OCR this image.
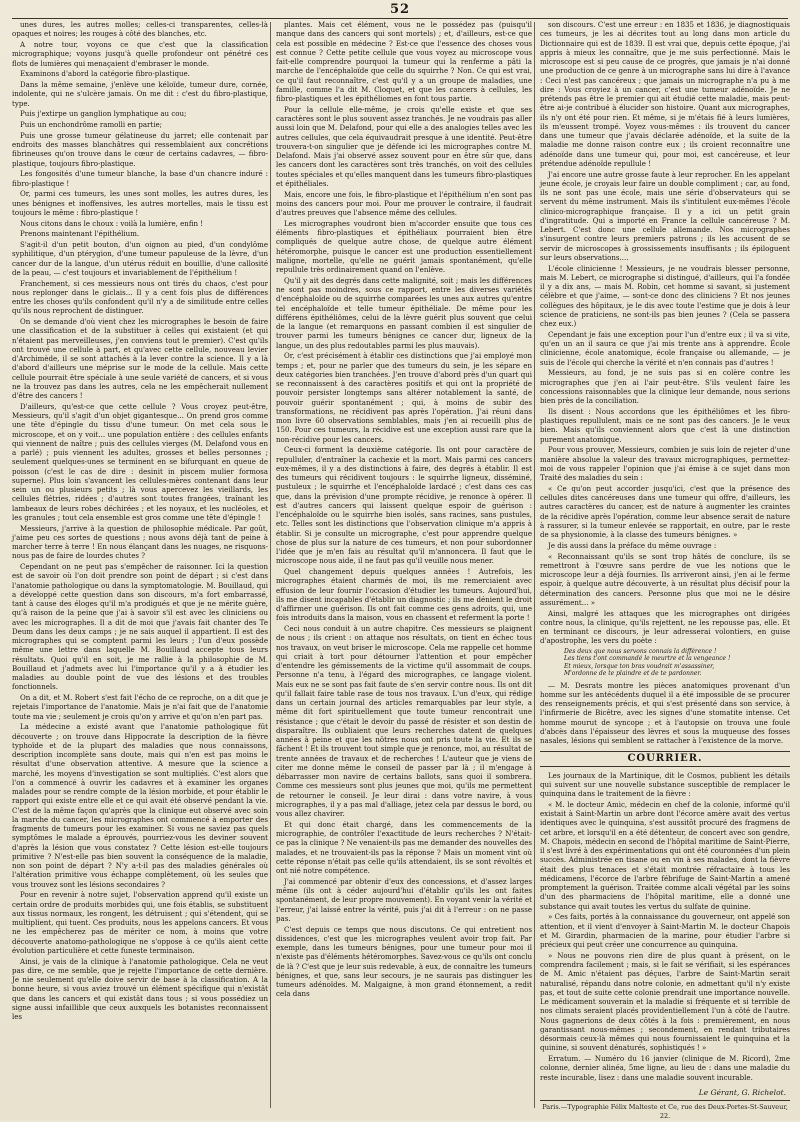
52

unes dures, les autres molles; celles-ci transparentes, celles-là opaques et noires; les rouges à côté des blanches, etc.

A notre tour, voyons ce que c'est que la classification micrographique; voyons jusqu'à quelle profondeur ont pénétré ces flots de lumières qui menaçaient d'embraser le monde.

Examinons d'abord la catégorie fibro-plastique.

Dans la même semaine, j'enlève une kéloïde, tumeur dure, cornée, indolente, qui ne s'ulcère jamais. On me dit : c'est du fibro-plastique, type.

Puis j'extirpe un ganglion lymphatique au cou;

Puis un enchondrôme ramolli en partie;

Puis une grosse tumeur gélatineuse du jarret; elle contenait par endroits des masses blanchâtres qui ressemblaient aux concrétions fibrineuses qu'on trouve dans le cœur de certains cadavres, — fibro-plastique, toujours fibro-plastique.

Les fongosités d'une tumeur blanche, la base d'un chancre induré : fibro-plastique !

Or, parmi ces tumeurs, les unes sont molles, les autres dures, les unes bénignes et inoffensives, les autres mortelles, mais le tissu est toujours le même : fibro-plastique !

Nous citons dans le choux : voilà la lumière, enfin !

Prenons maintenant l'épithélium.

S'agit-il d'un petit bouton, d'un oignon au pied, d'un condylôme syphilitique, d'un ptérygion, d'une tumeur papuleuse de la lèvre, d'un cancer dur de la langue, d'un utérus réduit en bouillie, d'une callosité de la peau, — c'est toujours et invariablement de l'épithélium !

Franchement, si ces messieurs nous ont tirés du chaos, c'est pour nous replonger dans le giclais... Il y a cent fois plus de différences entre les choses qu'ils confondent qu'il n'y a de similitude entre celles qu'ils nous reprochent de distinguer.

On se demande d'où vient chez les micrographes le besoin de faire une classification et de la substituer à celles qui existaient (et qui n'étaient pas merveilleuses, j'en conviens tout le premier). C'est qu'ils ont trouvé une cellule à part, et qu'avec cette cellule, nouveau levier d'Archimède, il se sont attachés à la lever contre la science. Il y a là d'abord d'ailleurs une méprise sur le mode de la cellule. Mais cette cellule pourrait être spéciale à une seule variété de cancers, et si vous ne la trouvez pas dans les autres, cela ne les empêcherait nullement d'être des cancers !

D'ailleurs, qu'est-ce que cette cellule ? Vous croyez peut-être, Messieurs, qu'il s'agit d'un objet gigantesque... On prend gros comme une tête d'épingle du tissu d'une tumeur. On met cela sous le microscope, et on y voit... une population entière : des cellules enfants qui viennent de naître ; puis des cellules vierges (M. Delafond vous en a parlé) ; puis viennent les adultes, grosses et belles personnes ; seulement quelques-unes se terminent en se bifurquant en queue de poisson (c'est le cas de dire : desinit in piscem mulier formosa superne). Plus loin s'avancent les cellules-mères contenant dans leur sein un ou plusieurs petits ; là vous apercevez les vieillards, les cellules flétries, ridées ; d'autres sont toutes frangées, traînant les lambeaux de leurs robes déchirées ; et les noyaux, et les nucléoles, et les granules ; tout cela ensemble est gros comme une tête d'épingle !

Messieurs, j'arrive à la question de philosophie médicale. Par goût, j'aime peu ces sortes de questions ; nous avons déjà tant de peine à marcher terre à terre ! En nous élançant dans les nuages, ne risquons-nous pas de faire de lourdes chutes ?

Cependant on ne peut pas s'empêcher de raisonner. Ici la question est de savoir où l'on doit prendre son point de départ ; si c'est dans l'anatomie pathologique ou dans la symptomatologie. M. Bouillaud, qui a développé cette question dans son discours, m'a fort embarrassé, tant à cause des éloges qu'il m'a prodigués et que je ne mérite guère, qu'à raison de la peine que j'ai à savoir s'il est avec les cliniciens ou avec les micrographes. Il a dit de moi que j'avais fait chanter des Te Deum dans les deux camps ; je ne sais auquel il appartient. Il est des micrographes qui se comptent parmi les leurs ; l'un d'eux possède même une lettre dans laquelle M. Bouillaud accepte tous leurs résultats. Quoi qu'il en soit, je me rallie à la philosophie de M. Bouillaud et j'admets avec lui l'importance qu'il y a à étudier les maladies au double point de vue des lésions et des troubles fonctionnels.

On a dit, et M. Robert s'est fait l'écho de ce reproche, on a dit que je rejetais l'importance de l'anatomie. Mais je n'ai fait que de l'anatomie toute ma vie ; seulement je crois qu'on y arrive et qu'on n'en part pas.

La médecine a existé avant que l'anatomie pathologique fût découverte ; on trouve dans Hippocrate la description de la fièvre typhoïde et de la plupart des maladies que nous connaissons, description incomplète sans doute, mais qui n'en est pas moins le résultat d'une observation attentive. A mesure que la science a marché, les moyens d'investigation se sont multipliés. C'est alors que l'on a commencé à ouvrir les cadavres et à examiner les organes malades pour se rendre compte de la lésion morbide, et pour établir le rapport qui existe entre elle et ce qui avait été observé pendant la vie. C'est de la même façon qu'après que la clinique eut observé avec soin la marche du cancer, les micrographes ont commencé à emporter des fragments de tumeurs pour les examiner. Si vous ne saviez pas quels symptômes le malade a éprouvés, pourriez-vous les deviner souvent d'après la lésion que vous constatez ? Cette lésion est-elle toujours primitive ? N'est-elle pas bien souvent la conséquence de la maladie, non son point de départ ? N'y a-t-il pas des maladies générales où l'altération primitive vous échappe complètement, où les seules que vous trouvez sont les lésions secondaires ?

Pour en revenir à notre sujet, l'observation apprend qu'il existe un certain ordre de produits morbides qui, une fois établis, se substituent aux tissus normaux, les rongent, les détruisent ; qui s'étendent, qui se multiplient, qui tuent. Ces produits, nous les appelons cancers. Et vous ne les empêcherez pas de mériter ce nom, à moins que votre découverte anatomo-pathologique ne s'oppose à ce qu'ils aient cette évolution particulière et cette funeste terminaison.

Ainsi, je vais de la clinique à l'anatomie pathologique. Cela ne veut pas dire, ce me semble, que je rejette l'importance de cette dernière. Je nie seulement qu'elle doive servir de base à la classification. A la bonne heure, si vous aviez trouvé un élément spécifique qui n'existât que dans les cancers et qui existât dans tous ; si vous possédiez un signe aussi infaillible que ceux auxquels les botanistes reconnaissent les

plantes. Mais cet élément, vous ne le possédez pas (puisqu'il manque dans des cancers qui sont mortels) ; et, d'ailleurs, est-ce que cela est possible en médecine ? Est-ce que l'essence des choses vous est connue ? Cette petite cellule que vous voyez au microscope vous fait-elle comprendre pourquoi la tumeur qui la renferme a pâti la marche de l'encéphaloïde que celle du squirrhe ? Non. Ce qui est vrai, ce qu'il faut reconnaître, c'est qu'il y a un groupe de maladies, une famille, comme l'a dit M. Cloquet, et que les cancers à cellules, les fibro-plastiques et les épithéliomes en font tous partie.

Pour la cellule elle-même, je crois qu'elle existe et que ses caractères sont le plus souvent assez tranchés. Je ne voudrais pas aller aussi loin que M. Delafond, pour qui elle a des analogies telles avec les autres cellules, que cela équivaudrait presque à une identité. Peut-être trouvera-t-on singulier que je défende ici les micrographes contre M. Delafond. Mais j'ai observé assez souvent pour en être sûr que, dans les cancers dont les caractères sont très tranchés, on voit des cellules toutes spéciales et qu'elles manquent dans les tumeurs fibro-plastiques et épithéliales.

Mais, encore une fois, le fibro-plastique et l'épithélium n'en sont pas moins des cancers pour moi. Pour me prouver le contraire, il faudrait d'autres preuves que l'absence même des cellules.

Les micrographes voudront bien m'accorder ensuite que tous ces éléments fibro-plastiques et épithéliaux pourraient bien être compliqués de quelque autre chose, de quelque autre élément hétéromorphe, puisque le cancer est une production essentiellement maligne, mortelle, qu'elle ne guérit jamais spontanément, qu'elle repullule très ordinairement quand on l'enlève.

Qu'il y ait des degrés dans cette malignité, soit ; mais les différences ne sont pas moindres, sous ce rapport, entre les diverses variétés d'encéphaloïde ou de squirrhe comparées les unes aux autres qu'entre tel encéphaloïde et telle tumeur épithéliale. De même pour les différens épithéliômes, celui de la lèvre guérit plus souvent que celui de la langue (et remarquons en passant combien il est singulier de trouver parmi les tumeurs bénignes ce cancer dur, ligneux de la langue, un des plus redoutables parmi les plus mauvais).

Or, c'est précisément à établir ces distinctions que j'ai employé mon temps ; et, pour ne parler que des tumeurs du sein, je les sépare en deux catégories bien tranchées. J'en trouve d'abord près d'un quart qui se reconnaissent à des caractères positifs et qui ont la propriété de pouvoir persister longtemps sans altérer notablement la santé, de pouvoir guérir spontanément ; qui, à moins de subir des transformations, ne récidivent pas après l'opération. J'ai réuni dans mon livre 60 observations semblables, mais j'en ai recueilli plus de 150. Pour ces tumeurs, la récidive est une exception aussi rare que la non-récidive pour les cancers.

Ceux-ci forment la deuxième catégorie. Ils ont pour caractère de repulluler, d'entraîner la cachexie et la mort. Mais parmi ces cancers eux-mêmes, il y a des distinctions à faire, des degrés à établir. Il est des tumeurs qui récidivent toujours : le squirrhe ligneux, disséminé, pustuleux ; le squirrhe et l'encéphaloïde lardacé ; c'est dans ces cas que, dans la prévision d'une prompte récidive, je renonce à opérer. Il est d'autres cancers qui laissent quelque espoir de guérison : l'encéphaloïde ou le squirrhe bien isolés, sans racines, sans pustules, etc. Telles sont les distinctions que l'observation clinique m'a appris à établir. Si je consulte un micrographe, c'est pour apprendre quelque chose de plus sur la nature de ces tumeurs, et non pour subordonner l'idée que je m'en fais au résultat qu'il m'annoncera. Il faut que le microscope nous aide, il ne faut pas qu'il veuille nous mener.

Quel changement depuis quelques années ! Autrefois, les micrographes étaient charmés de moi, ils me remerciaient avec effusion de leur fournir l'occasion d'étudier les tumeurs. Aujourd'hui, ils me disent incapables d'établir un diagnostic ; ils me dénient le droit d'affirmer une guérison. Ils ont fait comme ces gens adroits, qui, une fois introduits dans la maison, vous en chassent et referment la porte !

Ceci nous conduit à un autre chapitre. Ces messieurs se plaignent de nous ; ils crient : on attaque nos résultats, on tient en échec tous nos travaux, on veut briser le microscope. Cela me rappelle cet homme qui criait à tort pour détourner l'attention et pour empêcher d'entendre les gémissements de la victime qu'il assommait de coups. Personne n'a tenu, à l'égard des micrographes, ce langage violent. Mais eux ne se sont pas fait faute de s'en servir contre nous. Ils ont dit qu'il fallait faire table rase de tous nos travaux. L'un d'eux, qui rédige dans un certain journal des articles remarquables par leur style, a même dit fort spirituellement que toute tumeur rencontrait une résistance ; que c'était le devoir du passé de résister et son destin de disparaître. Ils oubliaient que leurs recherches datent de quelques années à peine et que les nôtres nous ont pris toute la vie. Et ils se fâchent ! Et ils trouvent tout simple que je renonce, moi, au résultat de trente années de travaux et de recherches ! L'auteur que je viens de citer me donne même le conseil de passer par là ; il m'engage à débarrasser mon navire de certains ballots, sans quoi il sombrera. Comme ces messieurs sont plus jeunes que moi, qu'ils me permettent de retourner le conseil. Je leur dirai : dans votre navire, à vous micrographes, il y a pas mal d'alliage, jetez cela par dessus le bord, ou vous allez chavirer.

Et qui donc était chargé, dans les commencements de la micrographie, de contrôler l'exactitude de leurs recherches ? N'était-ce pas la clinique ? Ne venaient-ils pas me demander des nouvelles des malades, et ne trouvaient-ils pas la réponse ? Mais un moment vint où cette réponse n'était pas celle qu'ils attendaient, ils se sont révoltés et ont nié notre compétence.

J'ai commencé par obtenir d'eux des concessions, et d'assez larges même (ils ont à céder aujourd'hui d'établir qu'ils les ont faites spontanément, de leur propre mouvement). En voyant venir la vérité et l'erreur, j'ai laissé entrer la vérité, puis j'ai dit à l'erreur : on ne passe pas.

C'est depuis ce temps que nous discutons. Ce qui entretient nos dissidences, c'est que les micrographes veulent avoir trop fait. Par exemple, dans les tumeurs bénignes, pour une tumeur pour moi il n'existe pas d'éléments hétéromorphes. Savez-vous ce qu'ils ont conclu de là ? C'est que je leur suis redevable, à eux, de connaître les tumeurs bénignes, et que, sans leur secours, je ne saurais pas distinguer les tumeurs adénoïdes. M. Malgaigne, à mon grand étonnement, a redit cela dans

son discours. C'est une erreur : en 1835 et 1836, je diagnostiquais ces tumeurs, je les ai décrites tout au long dans mon article du Dictionnaire qui est de 1839. Il est vrai que, depuis cette époque, j'ai appris à mieux les connaître, que je me suis perfectionné. Mais le microscope est si peu cause de ce progrès, que jamais je n'ai donné une production de ce genre à un micrographe sans lui dire à l'avance : Ceci n'est pas cancéreux ; que jamais un micrographe n'a pu à me dire : Vous croyiez à un cancer, c'est une tumeur adénoïde. Je ne prétends pas être le premier qui ait étudié cette maladie, mais peut-être ai-je contribué à élucider son histoire. Quant aux micrographes, ils n'y ont été pour rien. Et même, si je m'étais fié à leurs lumières, ils m'eussent trompé. Voyez vous-mêmes : ils trouvent du cancer dans une tumeur que j'avais déclarée adénoïde, et la suite de la maladie me donne raison contre eux ; ils croient reconnaître une adénoïde dans une tumeur qui, pour moi, est cancéreuse, et leur prétendue adénoïde repullule !

J'ai encore une autre grosse faute à leur reprocher. En les appelant jeune école, je croyais leur faire un double compliment ; car, au fond, ils ne sont pas une école, mais une série d'observateurs qui se servent du même instrument. Mais ils s'intitulent eux-mêmes l'école clinico-micrographique française. Il y a ici un petit grain d'ingratitude. Qui a importé en France la cellule cancéreuse ? M. Lebert. C'est donc une cellule allemande. Nos micrographes s'insurgent contre leurs premiers patrons ; ils les accusent de se servir de microscopes à grossissements insuffisants ; ils épiloguent sur leurs observations....

L'école clinicienne ! Messieurs, je ne voudrais blesser personne, mais M. Lebert, ce micrographe si distingué, d'ailleurs, qui l'a fondée il y a dix ans, — mais M. Robin, cet homme si savant, si justement célèbre et que j'aime, — sont-ce donc des cliniciens ? Et nos jeunes collègues des hôpitaux, je le dis avec toute l'estime que je dois à leur science de praticiens, ne sont-ils pas bien jeunes ? (Cela se passera chez eux.)

Cependant je fais une exception pour l'un d'entre eux ; il va si vite, qu'en un an il saura ce que j'ai mis trente ans à apprendre. École clinicienne, école anatomique, école française ou allemande, — je suis de l'école qui cherche la vérité et n'en connais pas d'autres !

Messieurs, au fond, je ne suis pas si en colère contre les micrographes que j'en ai l'air peut-être. S'ils veulent faire les concessions raisonnables que la clinique leur demande, nous serions bien près de la conciliation.

Ils disent : Nous accordons que les épithéliômes et les fibro-plastiques repullulent, mais ce ne sont pas des cancers. Je le veux bien. Mais qu'ils conviennent alors que c'est là une distinction purement anatomique.

Pour vous prouver, Messieurs, combien je suis loin de rejeter d'une manière absolue la valeur des travaux micrographiques, permettez-moi de vous rappeler l'opinion que j'ai émise à ce sujet dans mon Traité des maladies du sein :

« Ce qu'on peut accorder jusqu'ici, c'est que la présence des cellules dites cancéreuses dans une tumeur qui offre, d'ailleurs, les autres caractères du cancer, est de nature à augmenter les craintes de la récidive après l'opération, comme leur absence serait de nature à rassurer, si la tumeur enlevée se rapportait, en outre, par le reste de sa physionomie, à la classe des tumeurs bénignes. »

Je dis aussi dans la préface du même ouvrage :

« Reconnaissant qu'ils se sont trop hâtés de conclure, ils se remettront à l'œuvre sans perdre de vue les notions que le microscope leur a déjà fournies. Ils arriveront ainsi, j'en ai le ferme espoir, à quelque autre découverte, à un résultat plus décisif pour la détermination des cancers. Personne plus que moi ne le désire assurément... »

Ainsi, malgré les attaques que les micrographes ont dirigées contre nous, la clinique, qu'ils rejettent, ne les repousse pas, elle. Et en terminant ce discours, je leur adresserai volontiers, en guise d'apostrophe, les vers du poète :

Des deux que nous servons connais la différence !
Les tiens t'ont commandé le meurtre et la vengeance !
Et mieux, lorsque ton bras voudrait m'assassiner,
M'ordonne de te plaindre et de te pardonner.

— M. Desrats montre les pièces anatomiques provenant d'un homme sur les antécédents duquel il a été impossible de se procurer des renseignements précis, et qui s'est présenté dans son service, à l'infirmerie de Bicêtre, avec les signes d'une stomatite intense. Cet homme mourut de syncope ; et à l'autopsie on trouva une foule d'abcès dans l'épaisseur des lèvres et sous la muqueuse des fosses nasales, lésions qui semblent se rattacher à l'existence de la morve.

COURRIER.

Les journaux de la Martinique, dit le Cosmos, publient les détails qui suivent sur une nouvelle substance susceptible de remplacer le quinquina dans le traitement de la fièvre :

« M. le docteur Amic, médecin en chef de la colonie, informé qu'il existait à Saint-Martin un arbre dont l'écorce amère avait des vertus identiques avec le quinquina, s'est aussitôt procuré des fragmens de cet arbre, et lorsqu'il en a été détenteur, de concert avec son gendre, M. Chapois, médecin en second de l'hôpital maritime de Saint-Pierre, il s'est livré à des expérimentations qui ont été couronnées d'un plein succès. Administrée en tisane ou en vin à ses malades, dont la fièvre était des plus tenaces et s'était montrée réfractaire à tous les médicamens, l'écorce de l'arbre fébrifuge de Saint-Martin a amené promptement la guérison. Traitée comme alcali végétal par les soins d'un des pharmaciens de l'hôpital maritime, elle a donné une substance qui avait toutes les vertus du sulfate de quinine.

» Ces faits, portés à la connaissance du gouverneur, ont appelé son attention, et il vient d'envoyer à Saint-Martin M. le docteur Chapois et M. Girardin, pharmacien de la marine, pour étudier l'arbre si précieux qui peut créer une concurrence au quinquina.

» Nous ne pouvons rien dire de plus quant à présent, on le comprendra facilement ; mais, si le fait se vérifiait, si les espérances de M. Amic n'étaient pas déçues, l'arbre de Saint-Martin serait naturalisé, répandu dans notre colonie, en admettant qu'il n'y existe pas, et tout de suite cette colonie prendrait une importance nouvelle. Le médicament souverain et la maladie si fréquente et si terrible de nos climats seraient placés providentiellement l'un à côté de l'autre. Nous gagnerions de deux côtés à la fois : premièrement, en nous garantissant nous-mêmes ; secondement, en rendant tributaires désormais ceux-là mêmes qui nous fournissaient le quinquina et la quinine, si souvent dénaturés, sophistiqués ! »

Erratum. — Numéro du 16 janvier (clinique de M. Ricord), 2me colonne, dernier alinéa, 5me ligne, au lieu de : dans une maladie du reste incurable, lisez : dans une maladie souvent incurable.

Le Gérant, G. Richelot.
Paris.—Typographie Félix Malteste et Ce, rue des Deux-Portes-St-Sauveur, 22.
